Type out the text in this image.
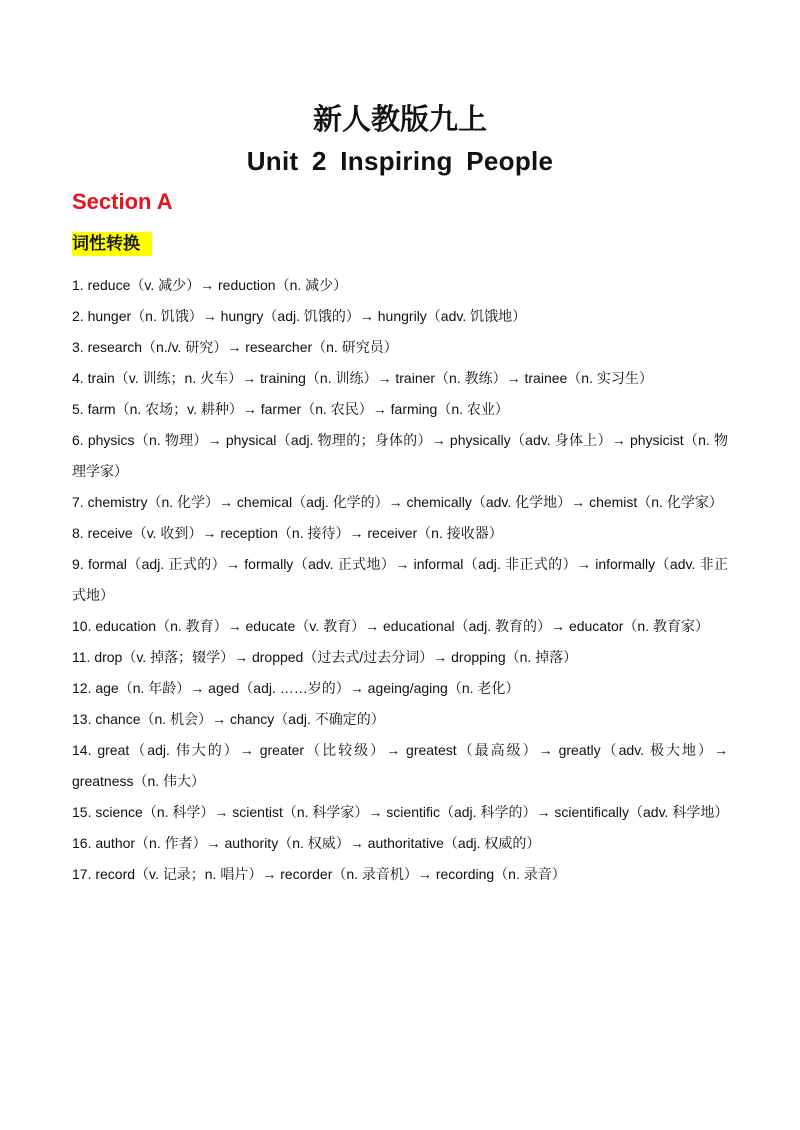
新人教版九上
Unit 2 Inspiring People
Section A
词性转换
1. reduce（v. 减少）→ reduction（n. 减少）
2. hunger（n. 饥饿）→ hungry（adj. 饥饿的）→ hungrily（adv. 饥饿地）
3. research（n./v. 研究）→ researcher（n. 研究员）
4. train（v. 训练；n. 火车）→ training（n. 训练）→ trainer（n. 教练）→ trainee（n. 实习生）
5. farm（n. 农场；v. 耕种）→ farmer（n. 农民）→ farming（n. 农业）
6. physics（n. 物理）→ physical（adj. 物理的；身体的）→ physically（adv. 身体上）→ physicist（n. 物理学家）
7. chemistry（n. 化学）→ chemical（adj. 化学的）→ chemically（adv. 化学地）→ chemist（n. 化学家）
8. receive（v. 收到）→ reception（n. 接待）→ receiver（n. 接收器）
9. formal（adj. 正式的）→ formally（adv. 正式地）→ informal（adj. 非正式的）→ informally（adv. 非正式地）
10. education（n. 教育）→ educate（v. 教育）→ educational（adj. 教育的）→ educator（n. 教育家）
11. drop（v. 掉落；辍学）→ dropped（过去式/过去分词）→ dropping（n. 掉落）
12. age（n. 年龄）→ aged（adj. ……岁的）→ ageing/aging（n. 老化）
13. chance（n. 机会）→ chancy（adj. 不确定的）
14. great（adj. 伟大的）→ greater（比较级）→ greatest（最高级）→ greatly（adv. 极大地）→ greatness（n. 伟大）
15. science（n. 科学）→ scientist（n. 科学家）→ scientific（adj. 科学的）→ scientifically（adv. 科学地）
16. author（n. 作者）→ authority（n. 权威）→ authoritative（adj. 权威的）
17. record（v. 记录；n. 唱片）→ recorder（n. 录音机）→ recording（n. 录音）
